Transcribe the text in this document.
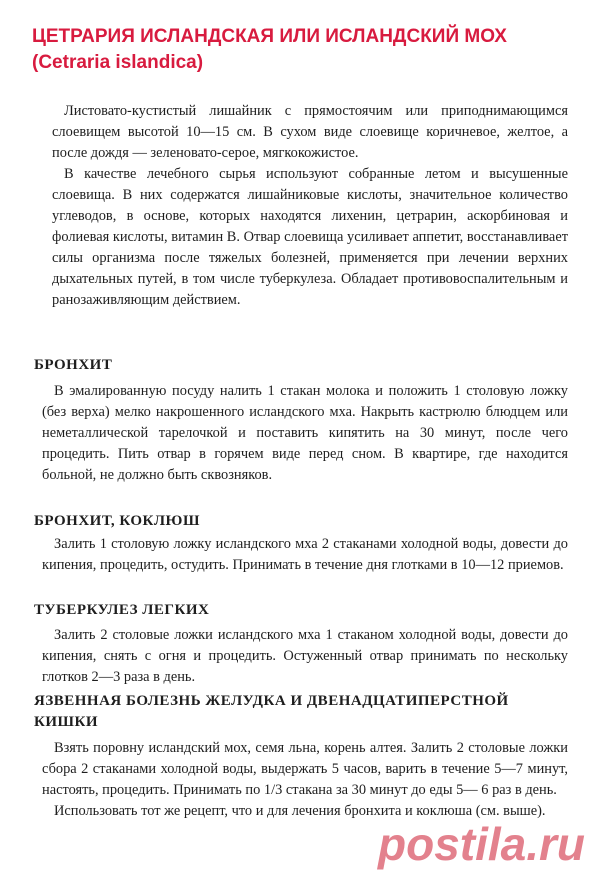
ЦЕТРАРИЯ ИСЛАНДСКАЯ ИЛИ ИСЛАНДСКИЙ МОХ
(Cetraria islandica)

Листовато-кустистый лишайник с прямостоячим или приподнимающимся слоевищем высотой 10—15 см. В сухом виде слоевище коричневое, желтое, а после дождя — зеленовато-серое, мягкокожистое.

В качестве лечебного сырья используют собранные летом и высушенные слоевища. В них содержатся лишайниковые кислоты, значительное количество углеводов, в основе, которых находятся лихенин, цетрарин, аскорбиновая и фолиевая кислоты, витамин В. Отвар слоевища усиливает аппетит, восстанавливает силы организма после тяжелых болезней, применяется при лечении верхних дыхательных путей, в том числе туберкулеза. Обладает противовоспалительным и ранозаживляющим действием.

БРОНХИТ

В эмалированную посуду налить 1 стакан молока и положить 1 столовую ложку (без верха) мелко накрошенного исландского мха. Накрыть кастрюлю блюдцем или неметаллической тарелочкой и поставить кипятить на 30 минут, после чего процедить. Пить отвар в горячем виде перед сном. В квартире, где находится больной, не должно быть сквозняков.

БРОНХИТ, КОКЛЮШ

Залить 1 столовую ложку исландского мха 2 стаканами холодной воды, довести до кипения, процедить, остудить. Принимать в течение дня глотками в 10—12 приемов.

ТУБЕРКУЛЕЗ ЛЕГКИХ

Залить 2 столовые ложки исландского мха 1 стаканом холодной воды, довести до кипения, снять с огня и процедить. Остуженный отвар принимать по нескольку глотков 2—3 раза в день.

ЯЗВЕННАЯ БОЛЕЗНЬ ЖЕЛУДКА И ДВЕНАДЦАТИПЕРСТНОЙ КИШКИ

Взять поровну исландский мох, семя льна, корень алтея. Залить 2 столовые ложки сбора 2 стаканами холодной воды, выдержать 5 часов, варить в течение 5—7 минут, настоять, процедить. Принимать по 1/3 стакана за 30 минут до еды 5— 6 раз в день.

Использовать тот же рецепт, что и для лечения бронхита и коклюша (см. выше).

postila.ru
